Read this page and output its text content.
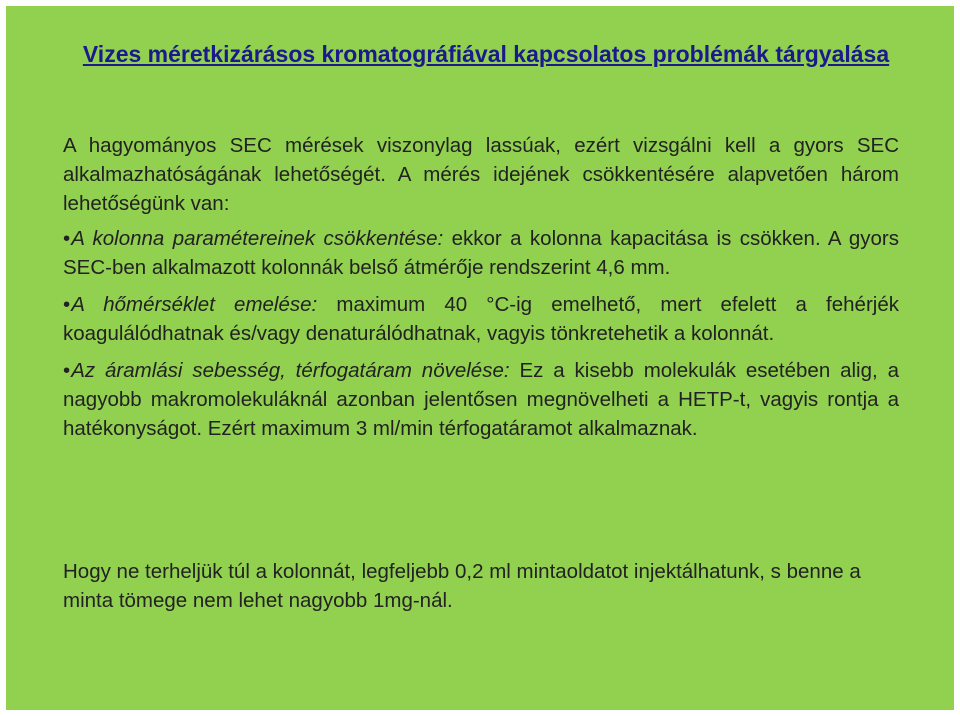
Vizes méretkizárásos kromatográfiával kapcsolatos problémák tárgyalása

A hagyományos SEC mérések viszonylag lassúak, ezért vizsgálni kell a gyors SEC alkalmazhatóságának lehetőségét. A mérés idejének csökkentésére alapvetően három lehetőségünk van:

•A kolonna paramétereinek csökkentése: ekkor a kolonna kapacitása is csökken. A gyors SEC-ben alkalmazott kolonnák belső átmérője rendszerint 4,6 mm.

•A hőmérséklet emelése: maximum 40 °C-ig emelhető, mert efelett a fehérjék koagulálódhatnak és/vagy denaturálódhatnak, vagyis tönkretehetik a kolonnát.

•Az áramlási sebesség, térfogatáram növelése: Ez a kisebb molekulák esetében alig, a nagyobb makromolekuláknál azonban jelentősen megnövelheti a HETP-t, vagyis rontja a hatékonyságot. Ezért maximum 3 ml/min térfogatáramot alkalmaznak.

Hogy ne terheljük túl a kolonnát, legfeljebb 0,2 ml mintaoldatot injektálhatunk, s benne a minta tömege nem lehet nagyobb 1mg-nál.
